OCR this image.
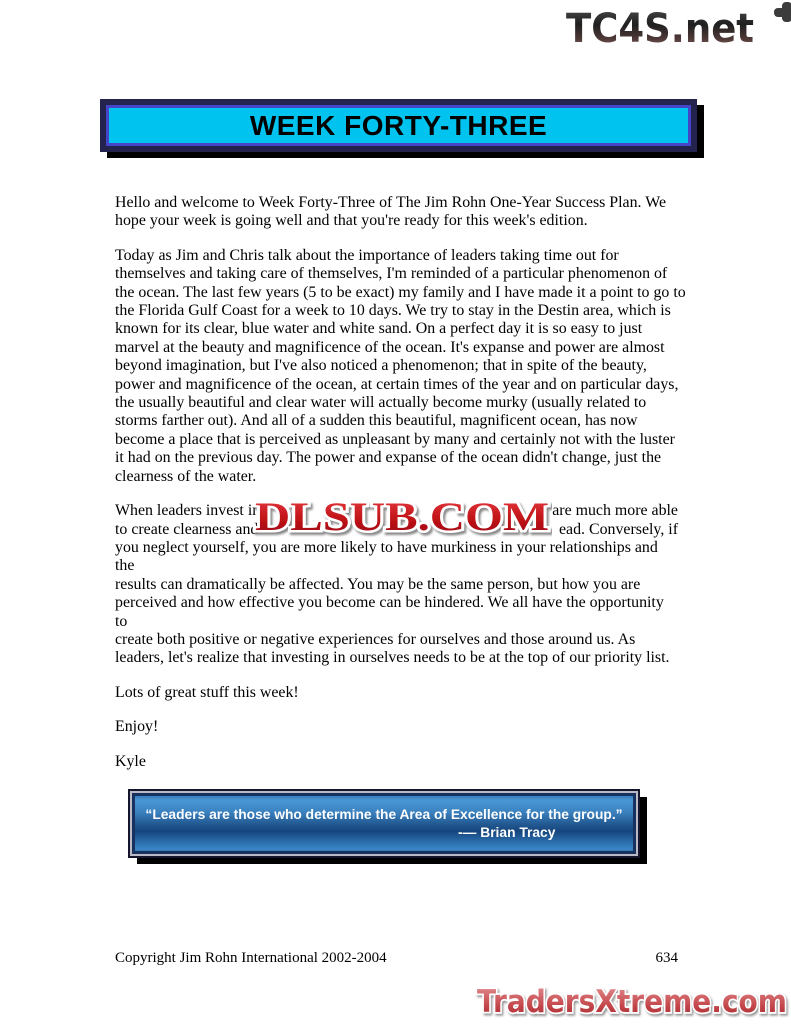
TC4S.net
WEEK FORTY-THREE

Hello and welcome to Week Forty-Three of The Jim Rohn One-Year Success Plan. We
hope your week is going well and that you're ready for this week's edition.

Today as Jim and Chris talk about the importance of leaders taking time out for
themselves and taking care of themselves, I'm reminded of a particular phenomenon of
the ocean. The last few years (5 to be exact) my family and I have made it a point to go to
the Florida Gulf Coast for a week to 10 days. We try to stay in the Destin area, which is
known for its clear, blue water and white sand. On a perfect day it is so easy to just
marvel at the beauty and magnificence of the ocean. It's expanse and power are almost
beyond imagination, but I've also noticed a phenomenon; that in spite of the beauty,
power and magnificence of the ocean, at certain times of the year and on particular days,
the usually beautiful and clear water will actually become murky (usually related to
storms farther out). And all of a sudden this beautiful, magnificent ocean, has now
become a place that is perceived as unpleasant by many and certainly not with the luster
it had on the previous day. The power and expanse of the ocean didn't change, just the
clearness of the water.

When leaders invest in	are much more able
to create clearness and	ead. Conversely, if
you neglect yourself, you are more likely to have murkiness in your relationships and the
results can dramatically be affected. You may be the same person, but how you are
perceived and how effective you become can be hindered. We all have the opportunity to
create both positive or negative experiences for ourselves and those around us. As
leaders, let's realize that investing in ourselves needs to be at the top of our priority list.
DLSUB.COM

Lots of great stuff this week!

Enjoy!

Kyle

“Leaders are those who determine the Area of Excellence for the group.”
-— Brian Tracy
Copyright Jim Rohn International 2002-2004	634
TradersXtreme.com
